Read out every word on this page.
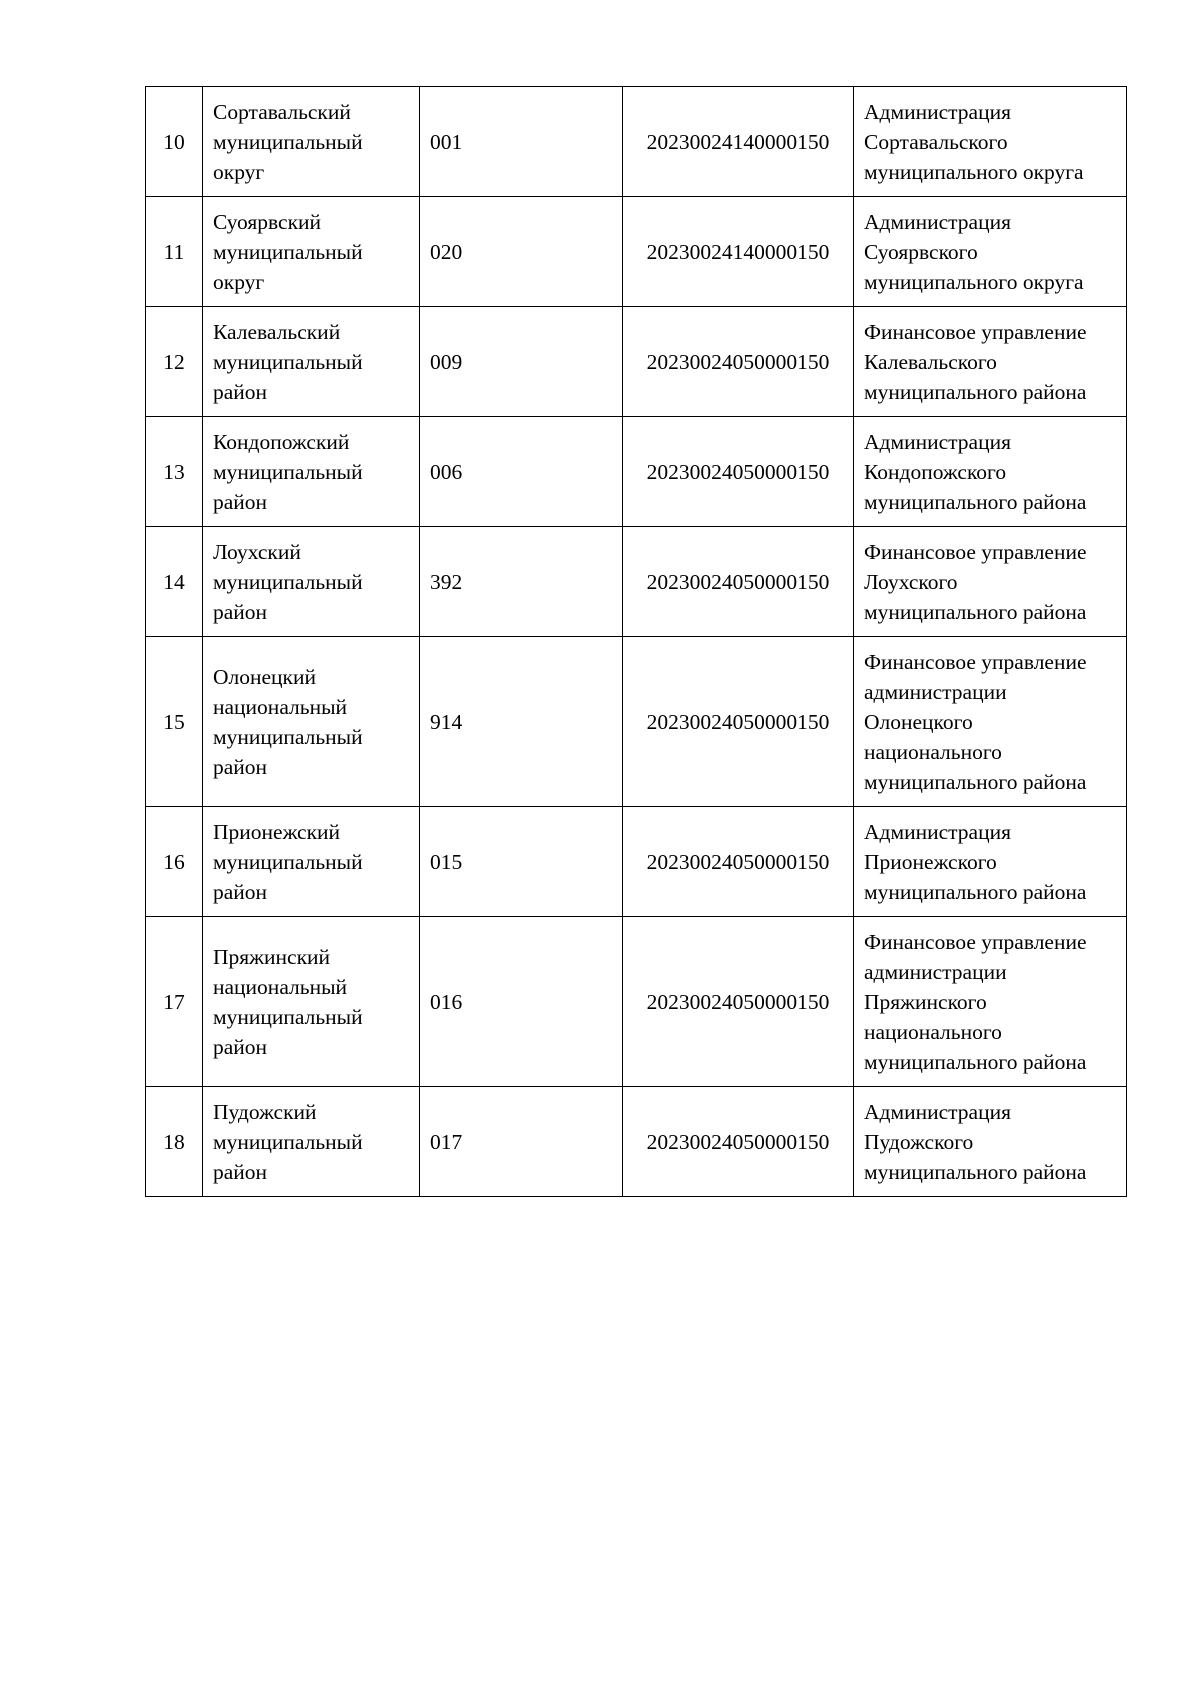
10	Сортавальский
муниципальный
округ	001	20230024140000150	Администрация
Сортавальского
муниципального округа
11	Суоярвский
муниципальный
округ	020	20230024140000150	Администрация
Суоярвского
муниципального округа
12	Калевальский
муниципальный
район	009	20230024050000150	Финансовое управление
Калевальского
муниципального района
13	Кондопожский
муниципальный
район	006	20230024050000150	Администрация
Кондопожского
муниципального района
14	Лоухский
муниципальный
район	392	20230024050000150	Финансовое управление
Лоухского
муниципального района
15	Олонецкий
национальный
муниципальный
район	914	20230024050000150	Финансовое управление
администрации
Олонецкого
национального
муниципального района
16	Прионежский
муниципальный
район	015	20230024050000150	Администрация
Прионежского
муниципального района
17	Пряжинский
национальный
муниципальный
район	016	20230024050000150	Финансовое управление
администрации
Пряжинского
национального
муниципального района
18	Пудожский
муниципальный
район	017	20230024050000150	Администрация
Пудожского
муниципального района
